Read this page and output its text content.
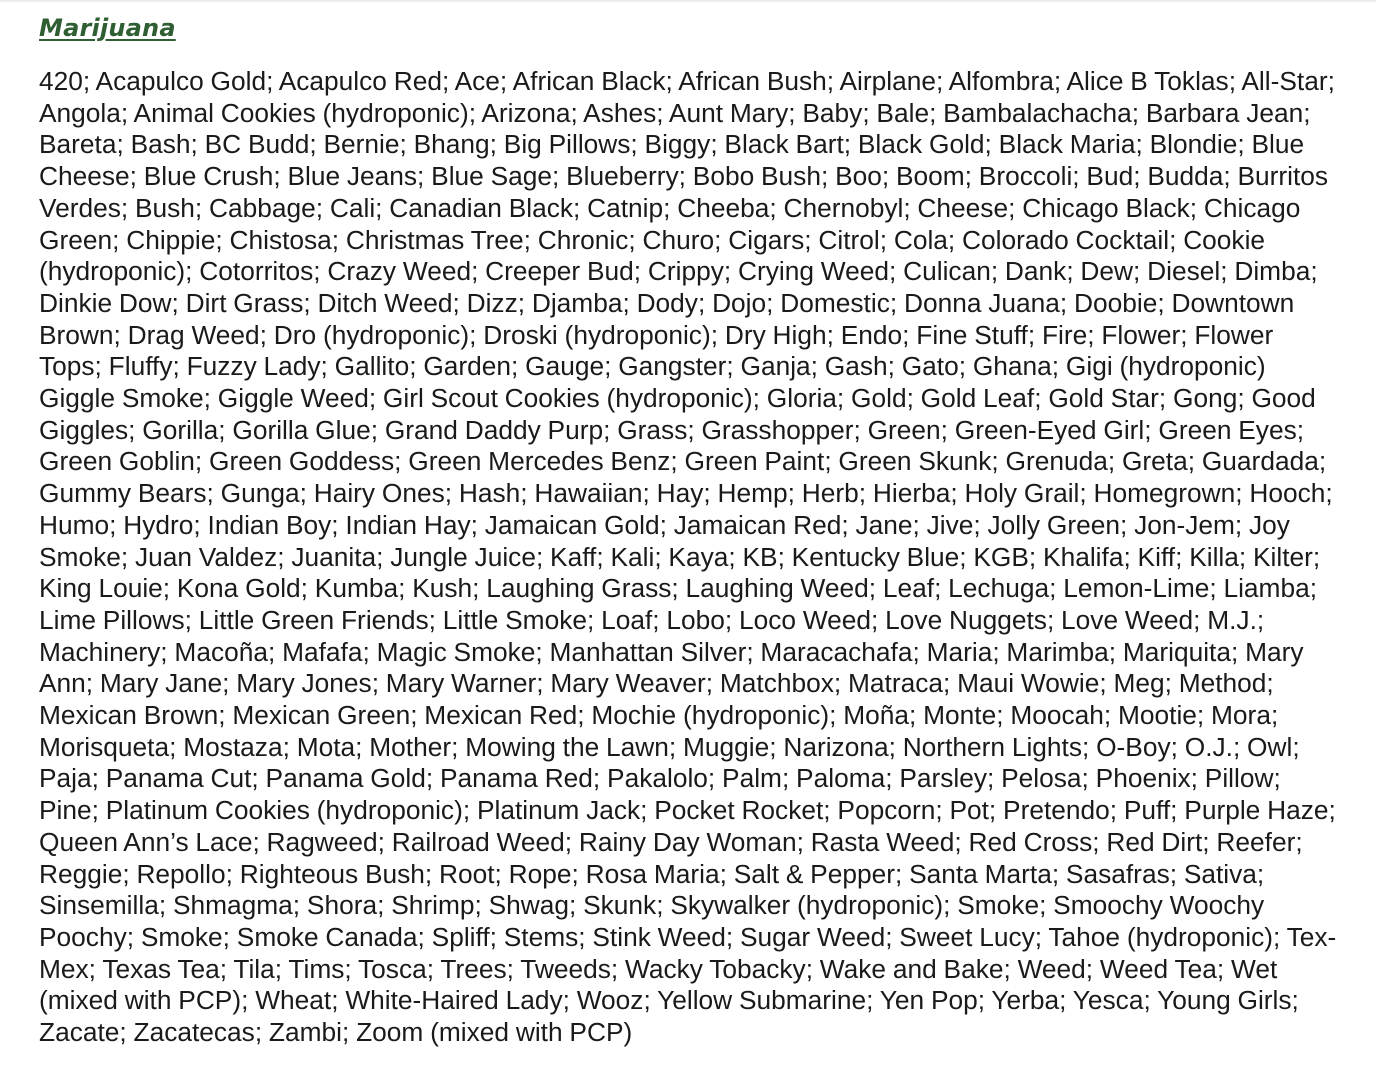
Marijuana

420; Acapulco Gold; Acapulco Red; Ace; African Black; African Bush; Airplane; Alfombra; Alice B Toklas; All-Star; Angola; Animal Cookies (hydroponic); Arizona; Ashes; Aunt Mary; Baby; Bale; Bambalachacha; Barbara Jean; Bareta; Bash; BC Budd; Bernie; Bhang; Big Pillows; Biggy; Black Bart; Black Gold; Black Maria; Blondie; Blue Cheese; Blue Crush; Blue Jeans; Blue Sage; Blueberry; Bobo Bush; Boo; Boom; Broccoli; Bud; Budda; Burritos Verdes; Bush; Cabbage; Cali; Canadian Black; Catnip; Cheeba; Chernobyl; Cheese; Chicago Black; Chicago Green; Chippie; Chistosa; Christmas Tree; Chronic; Churo; Cigars; Citrol; Cola; Colorado Cocktail; Cookie (hydroponic); Cotorritos; Crazy Weed; Creeper Bud; Crippy; Crying Weed; Culican; Dank; Dew; Diesel; Dimba; Dinkie Dow; Dirt Grass; Ditch Weed; Dizz; Djamba; Dody; Dojo; Domestic; Donna Juana; Doobie; Downtown Brown; Drag Weed; Dro (hydroponic); Droski (hydroponic); Dry High; Endo; Fine Stuff; Fire; Flower; Flower Tops; Fluffy; Fuzzy Lady; Gallito; Garden; Gauge; Gangster; Ganja; Gash; Gato; Ghana; Gigi (hydroponic) Giggle Smoke; Giggle Weed; Girl Scout Cookies (hydroponic); Gloria; Gold; Gold Leaf; Gold Star; Gong; Good Giggles; Gorilla; Gorilla Glue; Grand Daddy Purp; Grass; Grasshopper; Green; Green-Eyed Girl; Green Eyes; Green Goblin; Green Goddess; Green Mercedes Benz; Green Paint; Green Skunk; Grenuda; Greta; Guardada; Gummy Bears; Gunga; Hairy Ones; Hash; Hawaiian; Hay; Hemp; Herb; Hierba; Holy Grail; Homegrown; Hooch; Humo; Hydro; Indian Boy; Indian Hay; Jamaican Gold; Jamaican Red; Jane; Jive; Jolly Green; Jon-Jem; Joy Smoke; Juan Valdez; Juanita; Jungle Juice; Kaff; Kali; Kaya; KB; Kentucky Blue; KGB; Khalifa; Kiff; Killa; Kilter; King Louie; Kona Gold; Kumba; Kush; Laughing Grass; Laughing Weed; Leaf; Lechuga; Lemon-Lime; Liamba; Lime Pillows; Little Green Friends; Little Smoke; Loaf; Lobo; Loco Weed; Love Nuggets; Love Weed; M.J.; Machinery; Macoña; Mafafa; Magic Smoke; Manhattan Silver; Maracachafa; Maria; Marimba; Mariquita; Mary Ann; Mary Jane; Mary Jones; Mary Warner; Mary Weaver; Matchbox; Matraca; Maui Wowie; Meg; Method; Mexican Brown; Mexican Green; Mexican Red; Mochie (hydroponic); Moña; Monte; Moocah; Mootie; Mora; Morisqueta; Mostaza; Mota; Mother; Mowing the Lawn; Muggie; Narizona; Northern Lights; O-Boy; O.J.; Owl; Paja; Panama Cut; Panama Gold; Panama Red; Pakalolo; Palm; Paloma; Parsley; Pelosa; Phoenix; Pillow; Pine; Platinum Cookies (hydroponic); Platinum Jack; Pocket Rocket; Popcorn; Pot; Pretendo; Puff; Purple Haze; Queen Ann’s Lace; Ragweed; Railroad Weed; Rainy Day Woman; Rasta Weed; Red Cross; Red Dirt; Reefer; Reggie; Repollo; Righteous Bush; Root; Rope; Rosa Maria; Salt & Pepper; Santa Marta; Sasafras; Sativa; Sinsemilla; Shmagma; Shora; Shrimp; Shwag; Skunk; Skywalker (hydroponic); Smoke; Smoochy Woochy Poochy; Smoke; Smoke Canada; Spliff; Stems; Stink Weed; Sugar Weed; Sweet Lucy; Tahoe (hydroponic); Tex-Mex; Texas Tea; Tila; Tims; Tosca; Trees; Tweeds; Wacky Tobacky; Wake and Bake; Weed; Weed Tea; Wet (mixed with PCP); Wheat; White-Haired Lady; Wooz; Yellow Submarine; Yen Pop; Yerba; Yesca; Young Girls; Zacate; Zacatecas; Zambi; Zoom (mixed with PCP)
